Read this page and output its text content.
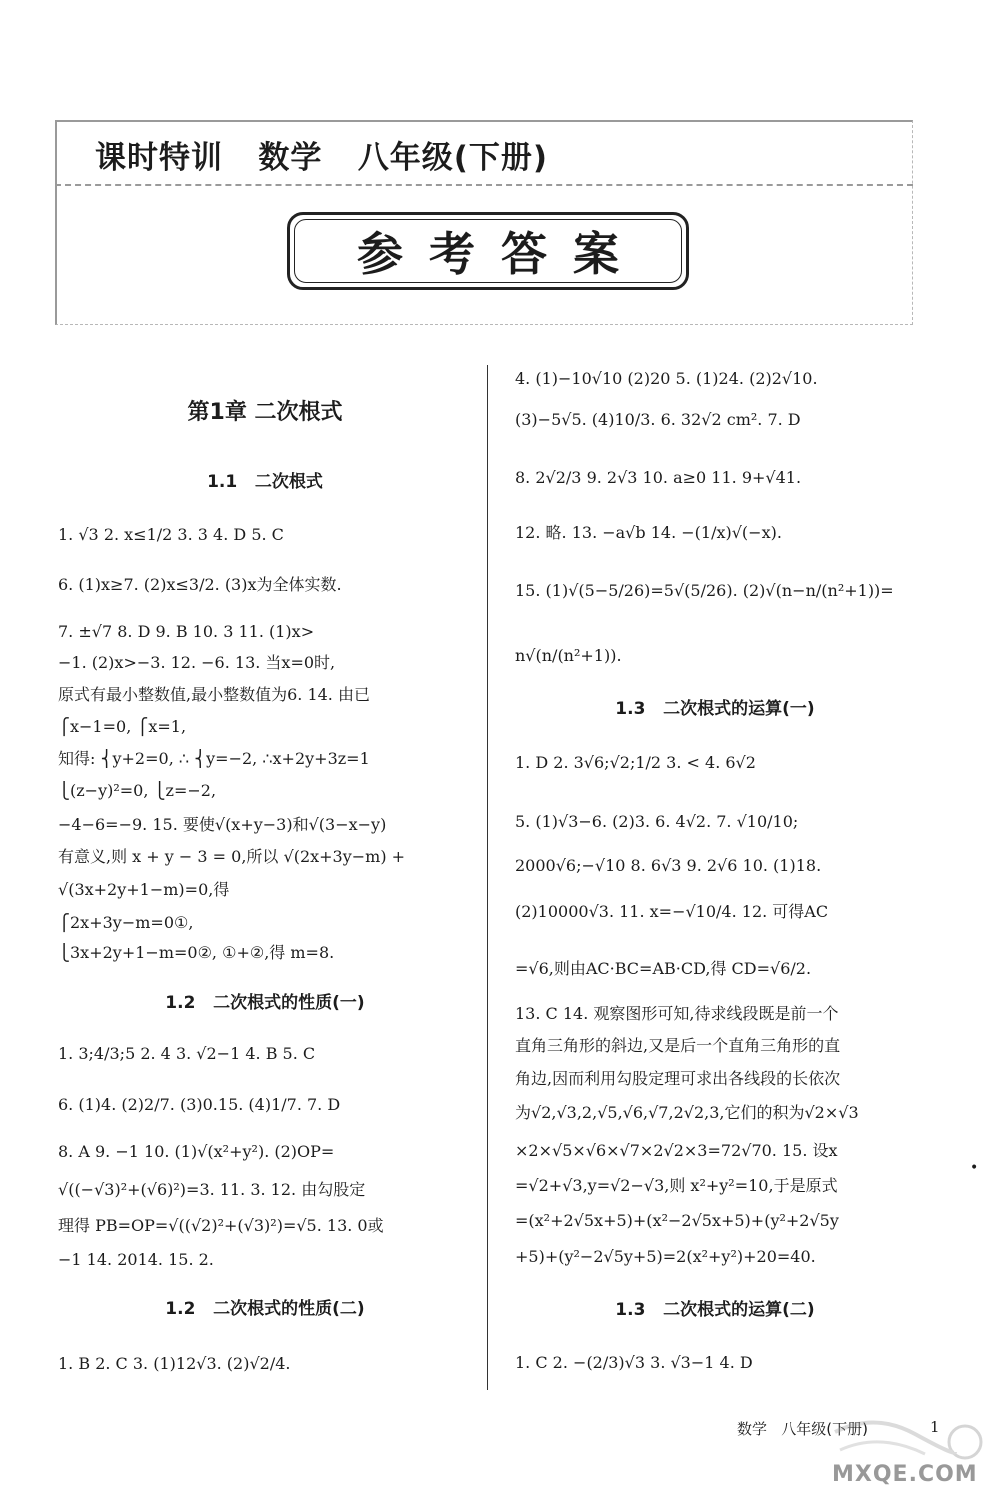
课时特训   数学   八年级(下册)
参考答案
第1章 二次根式
1.1   二次根式
1. √3 2. x≤1/2 3. 3 4. D 5. C
6. (1)x≥7. (2)x≤3/2. (3)x为全体实数.
7. ±√7 8. D 9. B 10. 3 11. (1)x>
−1. (2)x>−3. 12. −6. 13. 当x=0时,
原式有最小整数值,最小整数值为6. 14. 由已
⎧x−1=0, ⎧x=1,
知得: ⎨y+2=0, ∴ ⎨y=−2, ∴x+2y+3z=1
⎩(z−y)²=0, ⎩z=−2,
−4−6=−9. 15. 要使√(x+y−3)和√(3−x−y)
有意义,则 x + y − 3 = 0,所以 √(2x+3y−m) +
√(3x+2y+1−m)=0,得
⎧2x+3y−m=0①,
⎩3x+2y+1−m=0②, ①+②,得 m=8.
1.2   二次根式的性质(一)
1. 3;4/3;5 2. 4 3. √2−1 4. B 5. C
6. (1)4. (2)2/7. (3)0.15. (4)1/7. 7. D
8. A 9. −1 10. (1)√(x²+y²). (2)OP=
√((−√3)²+(√6)²)=3. 11. 3. 12. 由勾股定
理得 PB=OP=√((√2)²+(√3)²)=√5. 13. 0或
−1 14. 2014. 15. 2.
1.2   二次根式的性质(二)
1. B 2. C 3. (1)12√3. (2)√2/4.
4. (1)−10√10 (2)20 5. (1)24. (2)2√10.
(3)−5√5. (4)10/3. 6. 32√2 cm². 7. D
8. 2√2/3 9. 2√3 10. a≥0 11. 9+√41.
12. 略. 13. −a√b 14. −(1/x)√(−x).
15. (1)√(5−5/26)=5√(5/26). (2)√(n−n/(n²+1))=
n√(n/(n²+1)).
1.3   二次根式的运算(一)
1. D 2. 3√6;√2;1/2 3. < 4. 6√2
5. (1)√3−6. (2)3. 6. 4√2. 7. √10/10;
2000√6;−√10 8. 6√3 9. 2√6 10. (1)18.
(2)10000√3. 11. x=−√10/4. 12. 可得AC
=√6,则由AC·BC=AB·CD,得 CD=√6/2.
13. C 14. 观察图形可知,待求线段既是前一个
直角三角形的斜边,又是后一个直角三角形的直
角边,因而利用勾股定理可求出各线段的长依次
为√2,√3,2,√5,√6,√7,2√2,3,它们的积为√2×√3
×2×√5×√6×√7×2√2×3=72√70. 15. 设x
=√2+√3,y=√2−√3,则 x²+y²=10,于是原式
=(x²+2√5x+5)+(x²−2√5x+5)+(y²+2√5y
+5)+(y²−2√5y+5)=2(x²+y²)+20=40.
1.3   二次根式的运算(二)
1. C 2. −(2/3)√3 3. √3−1 4. D
•
数学   八年级(下册)	1
MXQE.COM
